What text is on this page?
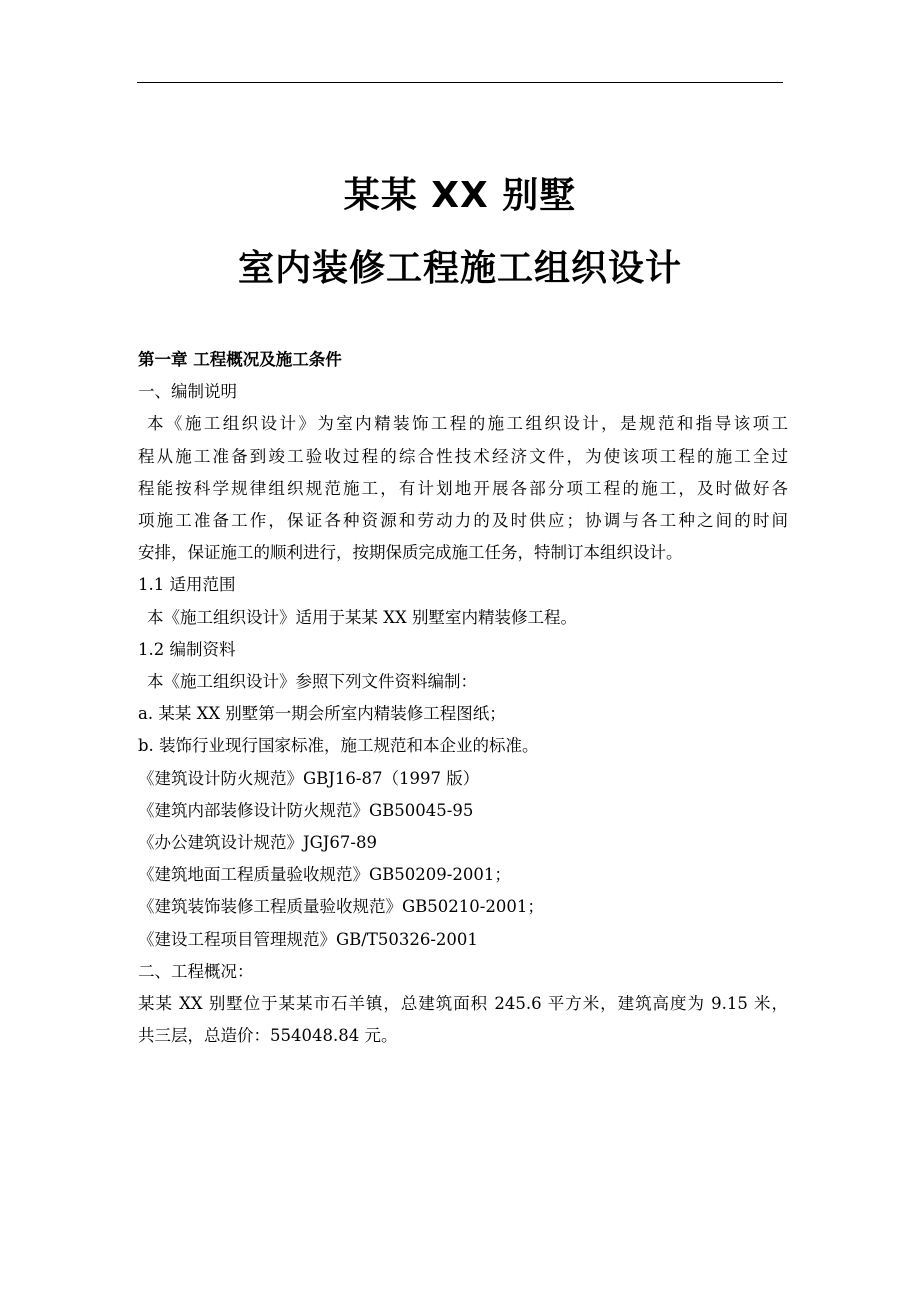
某某 XX 别墅
室内装修工程施工组织设计
第一章 工程概况及施工条件
一、编制说明
本《施工组织设计》为室内精装饰工程的施工组织设计，是规范和指导该项工
程从施工准备到竣工验收过程的综合性技术经济文件，为使该项工程的施工全过
程能按科学规律组织规范施工，有计划地开展各部分项工程的施工，及时做好各
项施工准备工作，保证各种资源和劳动力的及时供应；协调与各工种之间的时间
安排，保证施工的顺利进行，按期保质完成施工任务，特制订本组织设计。
1.1 适用范围
本《施工组织设计》适用于某某 XX 别墅室内精装修工程。
1.2 编制资料
本《施工组织设计》参照下列文件资料编制：
a. 某某 XX 别墅第一期会所室内精装修工程图纸；
b. 装饰行业现行国家标准，施工规范和本企业的标准。
《建筑设计防火规范》GBJ16-87（1997 版）
《建筑内部装修设计防火规范》GB50045-95
《办公建筑设计规范》JGJ67-89
《建筑地面工程质量验收规范》GB50209-2001；
《建筑装饰装修工程质量验收规范》GB50210-2001；
《建设工程项目管理规范》GB/T50326-2001
二、工程概况：
某某 XX 别墅位于某某市石羊镇，总建筑面积 245.6 平方米，建筑高度为 9.15 米，
共三层，总造价：554048.84 元。
